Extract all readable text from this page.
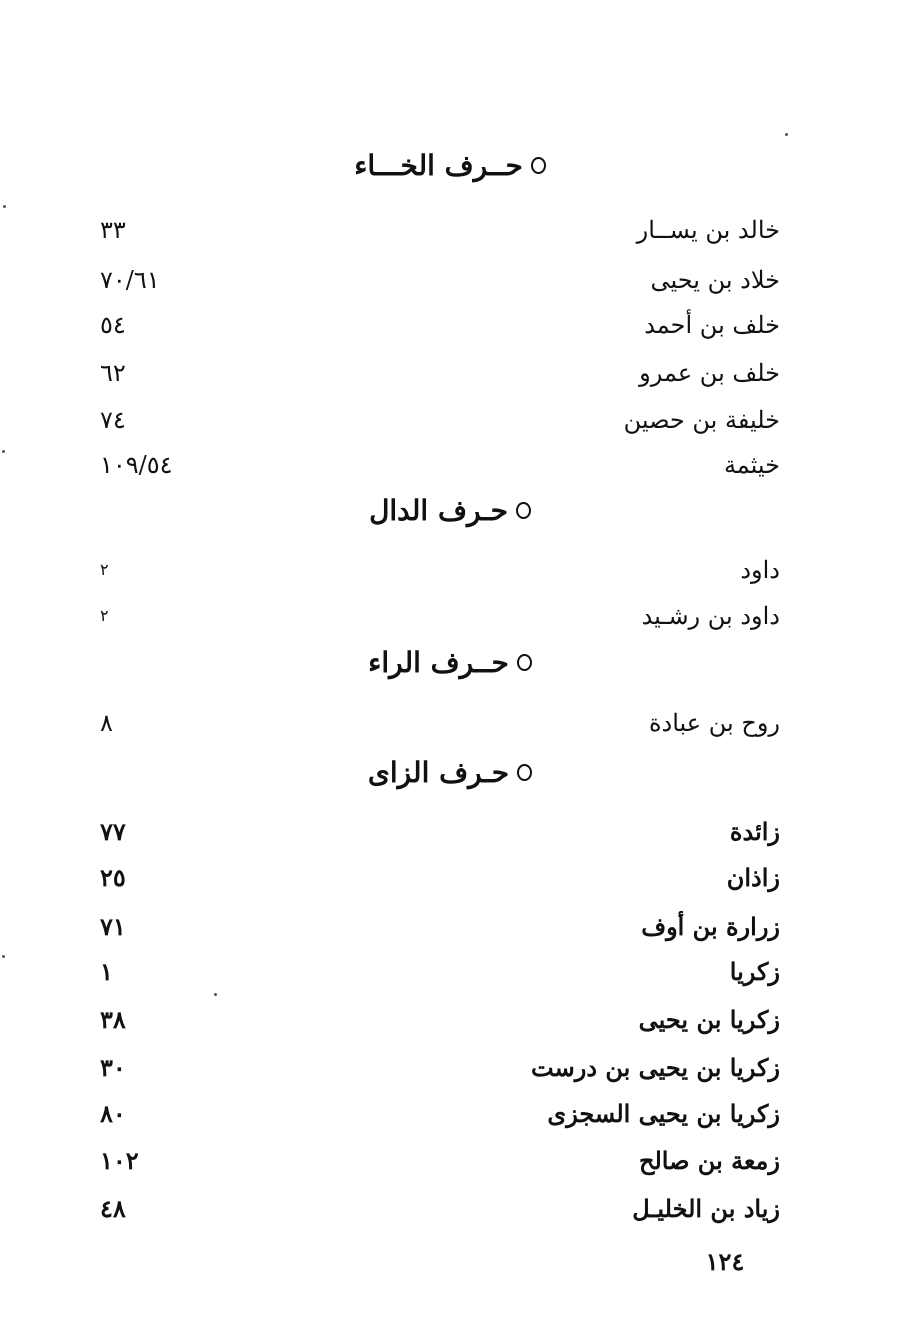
حــرف الخـــاء
خالد بن يســار
٣٣
خلاد بن يحيى
٧٠/٦١
خلف بن أحمد
٥٤
خلف بن عمرو
٦٢
خليفة بن حصين
٧٤
خيثمة
١٠٩/٥٤
حـرف الدال
داود
٢
داود بن رشـيد
٢
حــرف الراء
روح بن عبادة
٨
حـرف الزاى
زائدة
٧٧
زاذان
٢٥
زرارة بن أوف
٧١
زكريا
١
زكريا بن يحيى
٣٨
زكريا بن يحيى بن درست
٣٠
زكريا بن يحيى السجزى
٨٠
زمعة بن صالح
١٠٢
زياد بن الخليـل
٤٨
١٢٤
